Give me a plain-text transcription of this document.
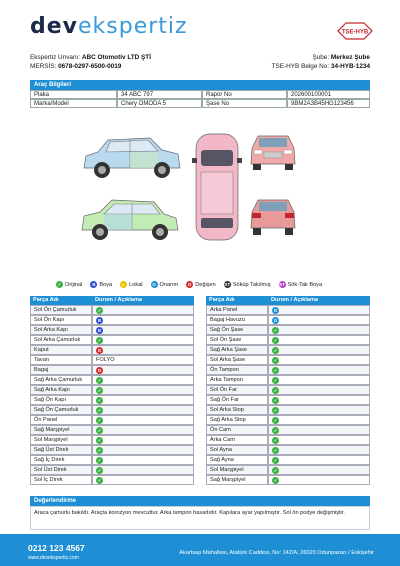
devekspertiz	TSE-HYB
Ekspertiz Unvanı: ABC Otomotiv LTD ŞTİ
MERSİS: 0678-0297-6500-0019
Şube: Merkez Şube
TSE-HYB Belge No: 34-HYB-1234
Araç Bilgileri
Plaka	34 ABC 797	Rapor No	202600100001
Marka/Model	Chery OMODA 5	Şase No	9BM2A3B45HG123456
✓ Orijinal	B Boya	L Lokal	O Onarım	D Değişen ST Söküp Takılmış ST Sök-Tak Boya
Parça Adı	Durum / Açıklama
Sol Ön Çamurluk	✓
Sol Ön Kapı	B
Sol Arka Kapı	B
Sol Arka Çamurluk	✓
Kaput	D
Tavan	FOLYO
Bagaj	D
Sağ Arka Çamurluk	✓
Sağ Arka Kapı	✓
Sağ Ön Kapı	✓
Sağ Ön Çamurluk	✓
Ön Panel	✓
Sağ Marşpiyel	✓
Sol Marşpiyel	✓
Sağ Üst Direk	✓
Sağ İç Direk	✓
Sol Üst Direk	✓
Sol İç Direk	✓
Parça Adı	Durum / Açıklama
Arka Panel	O
Bagaj Havuzu	O
Sağ Ön Şase	✓
Sol Ön Şase	✓
Sağ Arka Şase	✓
Sol Arka Şase	✓
Ön Tampon	✓
Arka Tampon	✓
Sol Ön Far	✓
Sağ Ön Far	✓
Sol Arka Stop	✓
Sağ Arka Stop	✓
Ön Cam	✓
Arka Cam	✓
Sol Ayna	✓
Sağ Ayna	✓
Sol Marşpiyel	✓
Sağ Marşpiyel	✓
Değerlendirme
Araca çamurlu bakıldı. Araçta korozyon mevcuttur. Arka tampon hasarlıdır. Kapılara ayar yapılmıştır. Sol ön podye değişmiştir.
0212 123 4567
www.devekspertiz.com
Akarbaşı Mahallesi, Atatürk Caddesi, No: 142/A, 26020 Odunpazarı / Eskişehir
